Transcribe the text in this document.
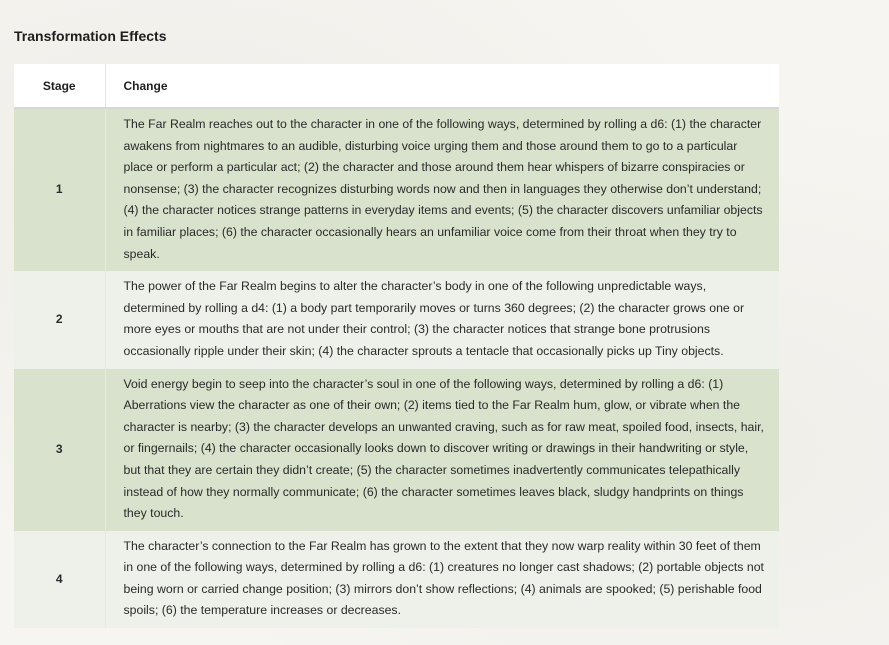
Transformation Effects
Stage	Change
1	The Far Realm reaches out to the character in one of the following ways, determined by rolling a d6: (1) the character awakens from nightmares to an audible, disturbing voice urging them and those around them to go to a particular place or perform a particular act; (2) the character and those around them hear whispers of bizarre conspiracies or nonsense; (3) the character recognizes disturbing words now and then in languages they otherwise don’t understand; (4) the character notices strange patterns in everyday items and events; (5) the character discovers unfamiliar objects in familiar places; (6) the character occasionally hears an unfamiliar voice come from their throat when they try to speak.
2	The power of the Far Realm begins to alter the character’s body in one of the following unpredictable ways, determined by rolling a d4: (1) a body part temporarily moves or turns 360 degrees; (2) the character grows one or more eyes or mouths that are not under their control; (3) the character notices that strange bone protrusions occasionally ripple under their skin; (4) the character sprouts a tentacle that occasionally picks up Tiny objects.
3	Void energy begin to seep into the character’s soul in one of the following ways, determined by rolling a d6: (1) Aberrations view the character as one of their own; (2) items tied to the Far Realm hum, glow, or vibrate when the character is nearby; (3) the character develops an unwanted craving, such as for raw meat, spoiled food, insects, hair, or fingernails; (4) the character occasionally looks down to discover writing or drawings in their handwriting or style, but that they are certain they didn’t create; (5) the character sometimes inadvertently communicates telepathically instead of how they normally communicate; (6) the character sometimes leaves black, sludgy handprints on things they touch.
4	The character’s connection to the Far Realm has grown to the extent that they now warp reality within 30 feet of them in one of the following ways, determined by rolling a d6: (1) creatures no longer cast shadows; (2) portable objects not being worn or carried change position; (3) mirrors don’t show reflections; (4) animals are spooked; (5) perishable food spoils; (6) the temperature increases or decreases.
